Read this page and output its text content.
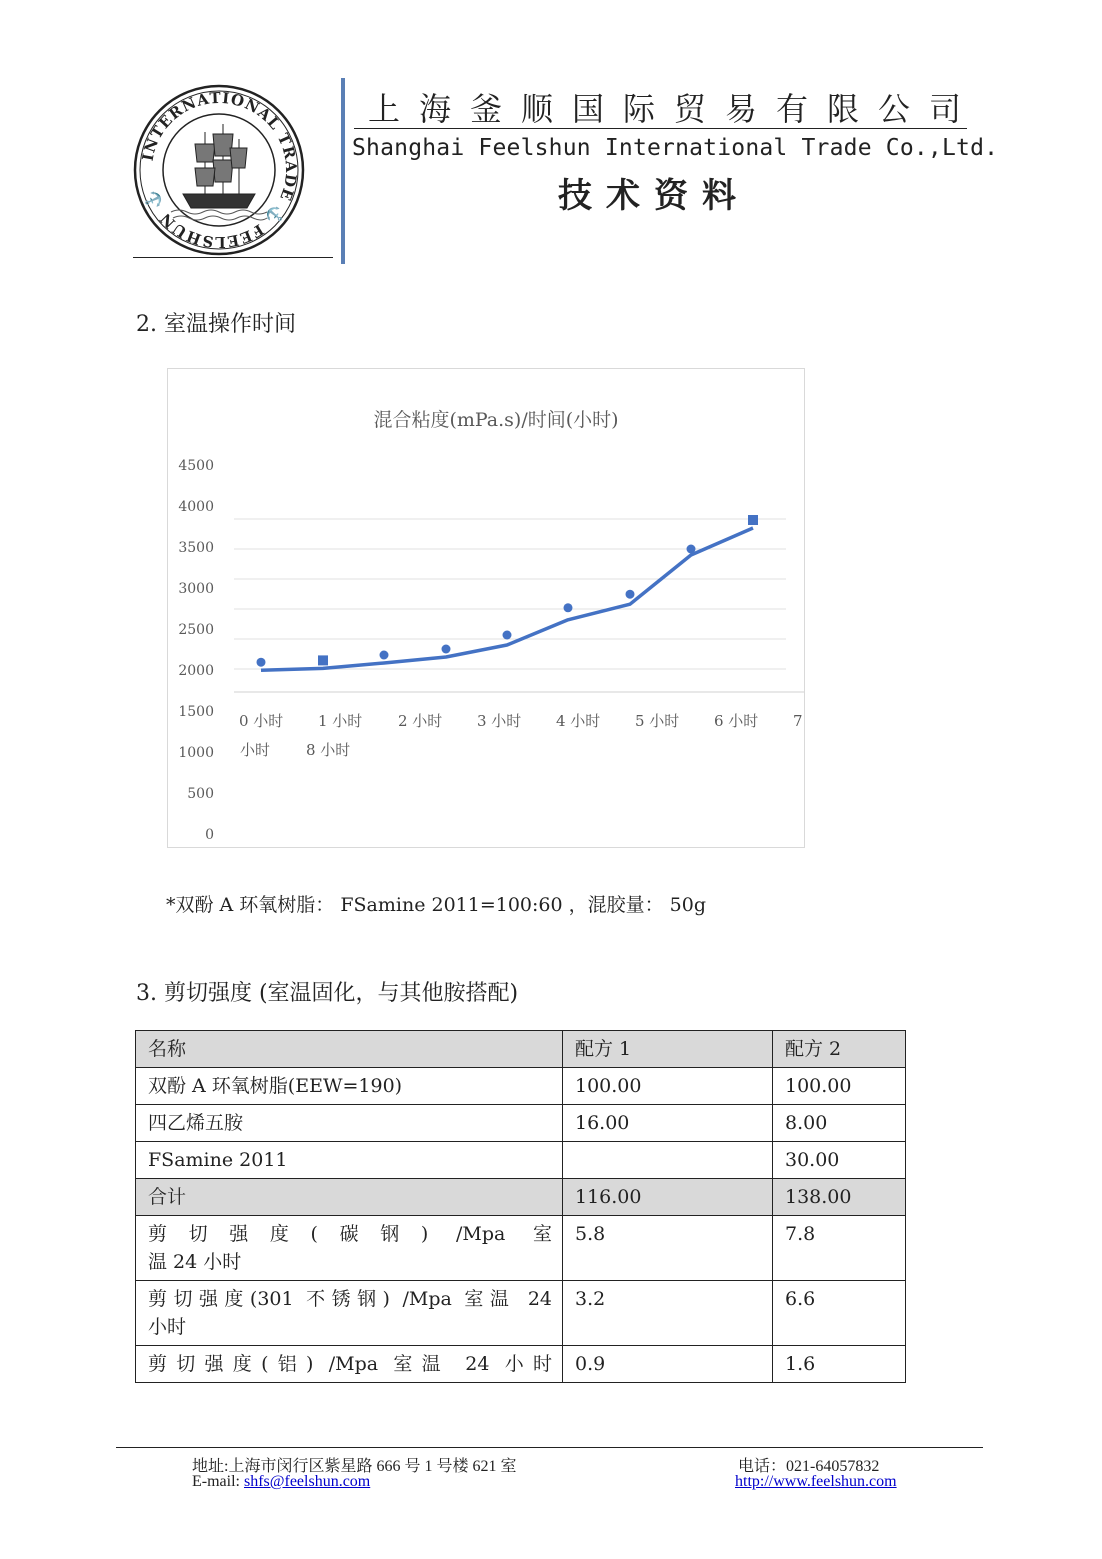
INTERNATIONAL TRADE ⚓ FEELSHUN ⚓
上海釜顺国际贸易有限公司
Shanghai Feelshun International Trade Co.,Ltd.
技术资料
2. 室温操作时间
混合粘度(mPa.s)/时间(小时)
4500
4000
3500
3000
2500
2000
1500
1000
500
0
0 小时 1 小时 2 小时 3 小时 4 小时 5 小时 6 小时 7
小时 8 小时
*双酚 A 环氧树脂： FSamine 2011=100:60 ，混胶量： 50g
3. 剪切强度 (室温固化，与其他胺搭配)
名称	配方 1	配方 2
双酚 A 环氧树脂(EEW=190)	100.00	100.00
四乙烯五胺	16.00	8.00
FSamine 2011		30.00
合计	116.00	138.00

剪切强度(碳钢) /Mpa 室
温 24 小时	5.8	7.8

剪切强度(301 不锈钢) /Mpa 室温 24
小时	3.2	6.6

剪切强度(铝) /Mpa 室温 24 小时	0.9	1.6
地址:上海市闵行区紫星路 666 号 1 号楼 621 室
E-mail: shfs@feelshun.com
电话：021-64057832
http://www.feelshun.com
